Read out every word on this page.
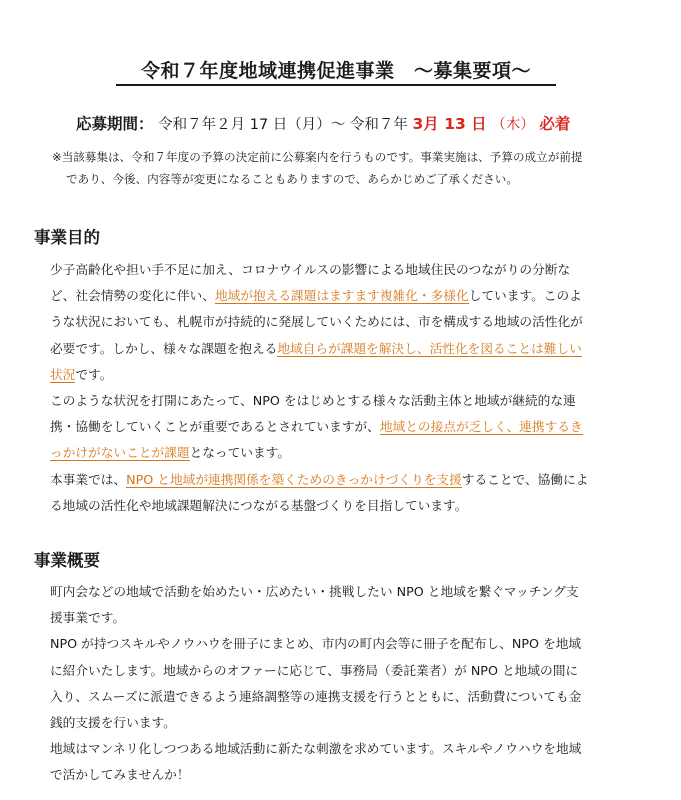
令和７年度地域連携促進事業　～募集要項～
応募期間： 令和７年２月 17 日（月）～ 令和７年 3月 13 日 （木） 必着
※当該募集は、令和７年度の予算の決定前に公募案内を行うものです。事業実施は、予算の成立が前提
であり、今後、内容等が変更になることもありますので、あらかじめご了承ください。
事業目的
少子高齢化や担い手不足に加え、コロナウイルスの影響による地域住民のつながりの分断な
ど、社会情勢の変化に伴い、地域が抱える課題はますます複雑化・多様化しています。このよ
うな状況においても、札幌市が持続的に発展していくためには、市を構成する地域の活性化が
必要です。しかし、様々な課題を抱える地域自らが課題を解決し、活性化を図ることは難しい
状況です。
このような状況を打開にあたって、NPO をはじめとする様々な活動主体と地域が継続的な連
携・協働をしていくことが重要であるとされていますが、地域との接点が乏しく、連携するき
っかけがないことが課題となっています。
本事業では、NPO と地域が連携関係を築くためのきっかけづくりを支援することで、協働によ
る地域の活性化や地域課題解決につながる基盤づくりを目指しています。
事業概要
町内会などの地域で活動を始めたい・広めたい・挑戦したい NPO と地域を繋ぐマッチング支
援事業です。
NPO が持つスキルやノウハウを冊子にまとめ、市内の町内会等に冊子を配布し、NPO を地域
に紹介いたします。地域からのオファーに応じて、事務局（委託業者）が NPO と地域の間に
入り、スムーズに派遣できるよう連絡調整等の連携支援を行うとともに、活動費についても金
銭的支援を行います。
地域はマンネリ化しつつある地域活動に新たな刺激を求めています。スキルやノウハウを地域
で活かしてみませんか！
